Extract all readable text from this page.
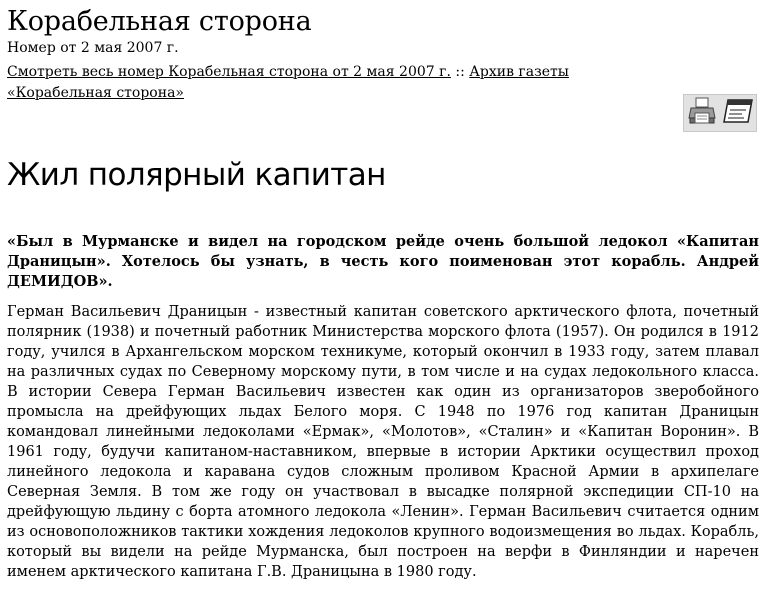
Корабельная сторона
Номер от 2 мая 2007 г.
Смотреть весь номер Корабельная сторона от 2 мая 2007 г. :: Архив газеты «Корабельная сторона»
Жил полярный капитан
«Был в Мурманске и видел на городском рейде очень большой ледокол «Капитан Драницын». Хотелось бы узнать, в честь кого поименован этот корабль. Андрей ДЕМИДОВ».
Герман Васильевич Драницын - известный капитан советского арктического флота, почетный полярник (1938) и почетный работник Министерства морского флота (1957). Он родился в 1912 году, учился в Архангельском морском техникуме, который окончил в 1933 году, затем плавал на различных судах по Северному морскому пути, в том числе и на судах ледокольного класса. В истории Севера Герман Васильевич известен как один из организаторов зверобойного промысла на дрейфующих льдах Белого моря. С 1948 по 1976 год капитан Драницын командовал линейными ледоколами «Ермак», «Молотов», «Сталин» и «Капитан Воронин». В 1961 году, будучи капитаном-наставником, впервые в истории Арктики осуществил проход линейного ледокола и каравана судов сложным проливом Красной Армии в архипелаге Северная Земля. В том же году он участвовал в высадке полярной экспедиции СП-10 на дрейфующую льдину с борта атомного ледокола «Ленин». Герман Васильевич считается одним из основоположников тактики хождения ледоколов крупного водоизмещения во льдах. Корабль, который вы видели на рейде Мурманска, был построен на верфи в Финляндии и наречен именем арктического капитана Г.В. Драницына в 1980 году.
